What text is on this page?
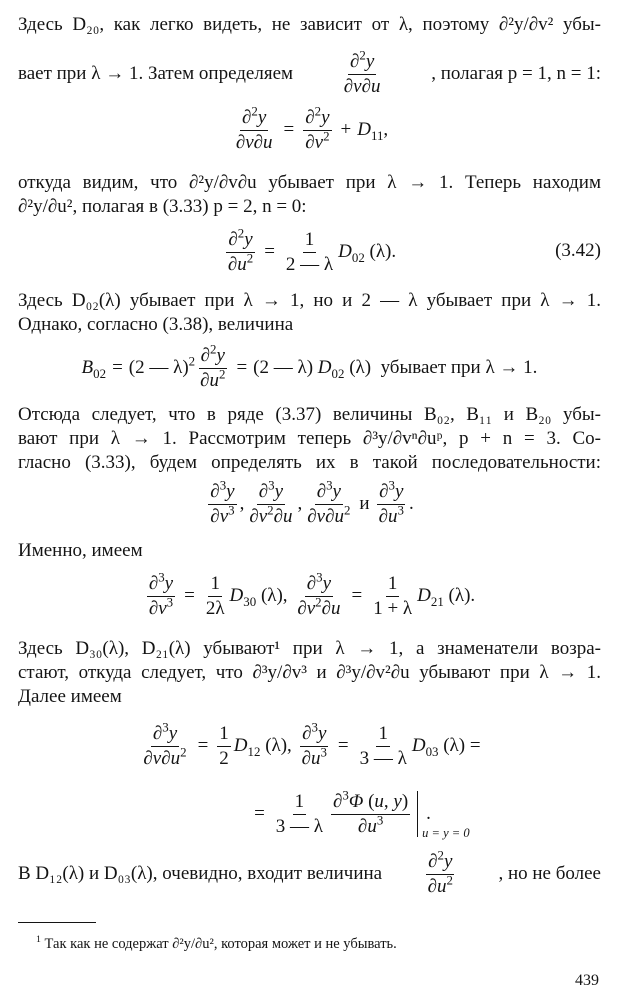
Здесь D₂₀, как легко видеть, не зависит от λ, поэтому ∂²y/∂v² убы-
вает при λ → 1. Затем определяем	$\frac{\partial^2y}{\partial v\partial u}$	, полагая p = 1, n = 1:
$\frac{\partial^2y}{\partial v\partial u} = \frac{\partial^2y}{\partial v^2} + D_{11}$,
откуда видим, что ∂²y/∂v∂u убывает при λ → 1. Теперь находим
∂²y/∂u², полагая в (3.33) p = 2, n = 0:
$\frac{\partial^2y}{\partial u^2} = \frac{1}{2 — \lambda} D_{02}$ (λ).	(3.42)
Здесь D₀₂(λ) убывает при λ → 1, но и 2 — λ убывает при λ → 1.
Однако, согласно (3.38), величина
$B_{02} = (2$ — $\lambda)^2 \frac{\partial^2y}{\partial u^2} = (2$ — λ) $D_{02}$ (λ) убывает при λ → 1.
Отсюда следует, что в ряде (3.37) величины B₀₂, B₁₁ и B₂₀ убы-
вают при λ → 1. Рассмотрим теперь ∂³y/∂vⁿ∂uᵖ, p + n = 3. Со-
гласно (3.33), будем определять их в такой последовательности:
$\frac{\partial^3y}{\partial v^3}$ , $\frac{\partial^3y}{\partial v^2\partial u}$ , $\frac{\partial^3y}{\partial v\partial u^2}$ и $\frac{\partial^3y}{\partial u^3}$ .
Именно, имеем
$\frac{\partial^3y}{\partial v^3} = \frac{1}{2\lambda} D_{30}$ (λ), $\frac{\partial^3y}{\partial v^2\partial u} = \frac{1}{1 + \lambda} D_{21}$ (λ).
Здесь D₃₀(λ), D₂₁(λ) убывают¹ при λ → 1, а знаменатели возра-
стают, откуда следует, что ∂³y/∂v³ и ∂³y/∂v²∂u убывают при λ → 1.
Далее имеем
$\frac{\partial^3y}{\partial v\partial u^2} = \frac{1}{2} D_{12}$ (λ), $\frac{\partial^3y}{\partial u^3} = \frac{1}{3 — \lambda} D_{03}$ (λ) =
= $\frac{1}{3 — \lambda} \frac{\partial^3\Phi (u, y)}{\partial u^3}$ u = y = 0
.
В D₁₂(λ) и D₀₃(λ), очевидно, входит величина $\frac{\partial^2y}{\partial u^2}$ , но не более
$^1$ Так как не содержат ∂²y/∂u², которая может и не убывать.
439
